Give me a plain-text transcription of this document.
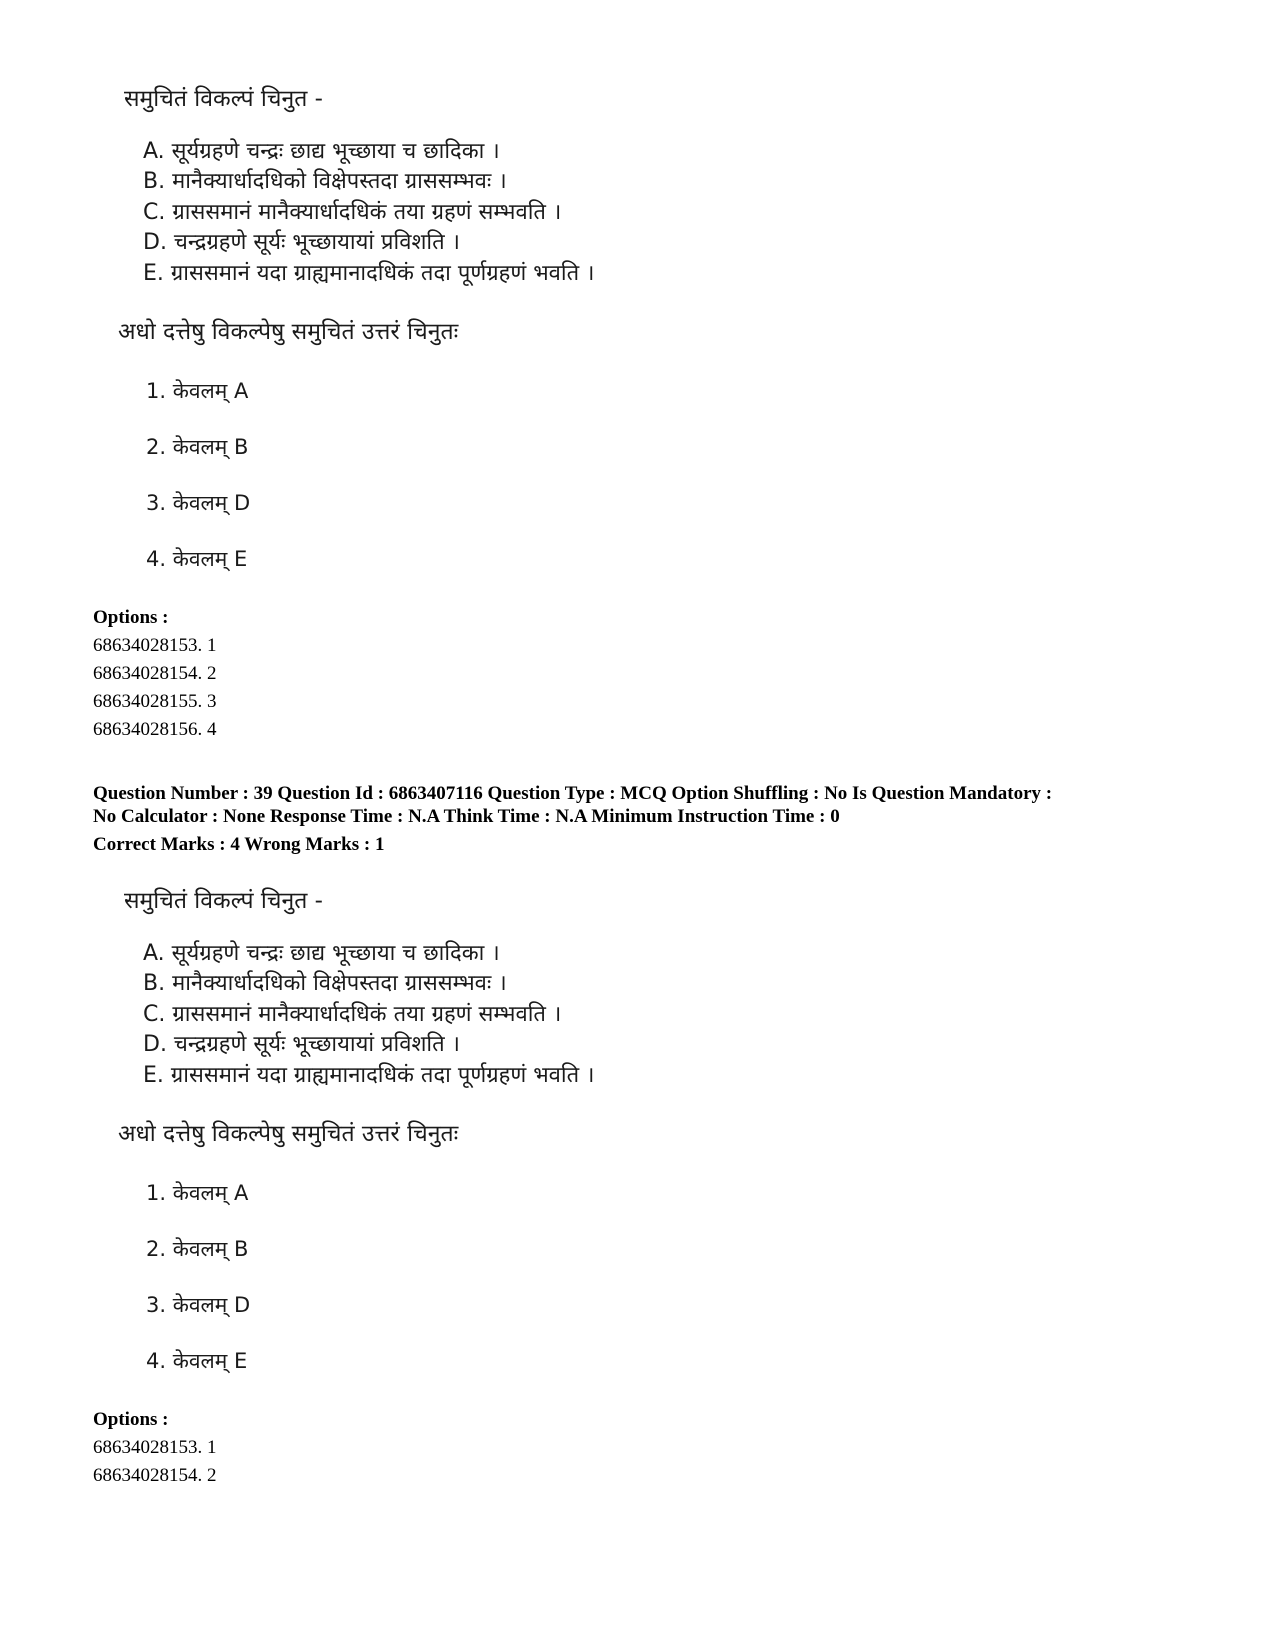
समुचितं विकल्पं चिनुत -
A. सूर्यग्रहणे चन्द्रः छाद्य भूच्छाया च छादिका ।
B. मानैक्यार्धादधिको विक्षेपस्तदा ग्राससम्भवः ।
C. ग्राससमानं मानैक्यार्धादधिकं तया ग्रहणं सम्भवति ।
D. चन्द्रग्रहणे सूर्यः भूच्छायायां प्रविशति ।
E. ग्राससमानं यदा ग्राह्यमानादधिकं तदा पूर्णग्रहणं भवति ।
अधो दत्तेषु विकल्पेषु समुचितं उत्तरं चिनुतः
1. केवलम् A
2. केवलम् B
3. केवलम् D
4. केवलम् E
Options :
68634028153. 1
68634028154. 2
68634028155. 3
68634028156. 4
Question Number : 39 Question Id : 6863407116 Question Type : MCQ Option Shuffling : No Is Question Mandatory :
No Calculator : None Response Time : N.A Think Time : N.A Minimum Instruction Time : 0
Correct Marks : 4 Wrong Marks : 1
समुचितं विकल्पं चिनुत -
A. सूर्यग्रहणे चन्द्रः छाद्य भूच्छाया च छादिका ।
B. मानैक्यार्धादधिको विक्षेपस्तदा ग्राससम्भवः ।
C. ग्राससमानं मानैक्यार्धादधिकं तया ग्रहणं सम्भवति ।
D. चन्द्रग्रहणे सूर्यः भूच्छायायां प्रविशति ।
E. ग्राससमानं यदा ग्राह्यमानादधिकं तदा पूर्णग्रहणं भवति ।
अधो दत्तेषु विकल्पेषु समुचितं उत्तरं चिनुतः
1. केवलम् A
2. केवलम् B
3. केवलम् D
4. केवलम् E
Options :
68634028153. 1
68634028154. 2
